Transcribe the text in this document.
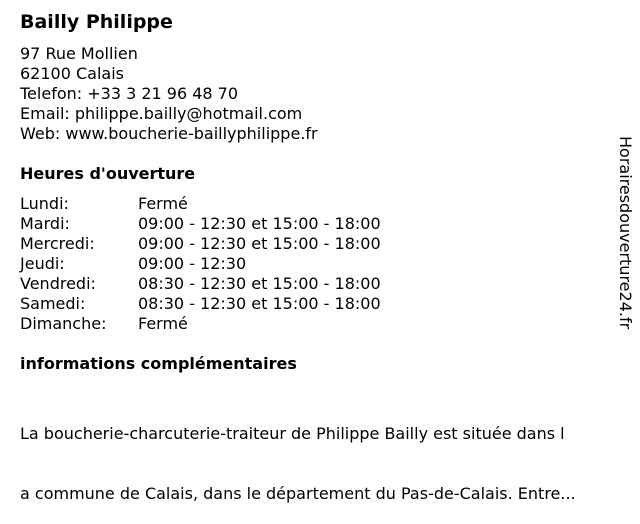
Bailly Philippe
97 Rue Mollien
62100 Calais
Telefon: +33 3 21 96 48 70
Email: philippe.bailly@hotmail.com
Web: www.boucherie-baillyphilippe.fr
Heures d'ouverture
Lundi:	Fermé
Mardi:	09:00 - 12:30 et 15:00 - 18:00
Mercredi:	09:00 - 12:30 et 15:00 - 18:00
Jeudi:	09:00 - 12:30
Vendredi:	08:30 - 12:30 et 15:00 - 18:00
Samedi:	08:30 - 12:30 et 15:00 - 18:00
Dimanche: Fermé
informations complémentaires

La boucherie-charcuterie-traiteur de Philippe Bailly est située dans l

a commune de Calais, dans le département du Pas-de-Calais. Entre...

Horairesdouverture24.fr
